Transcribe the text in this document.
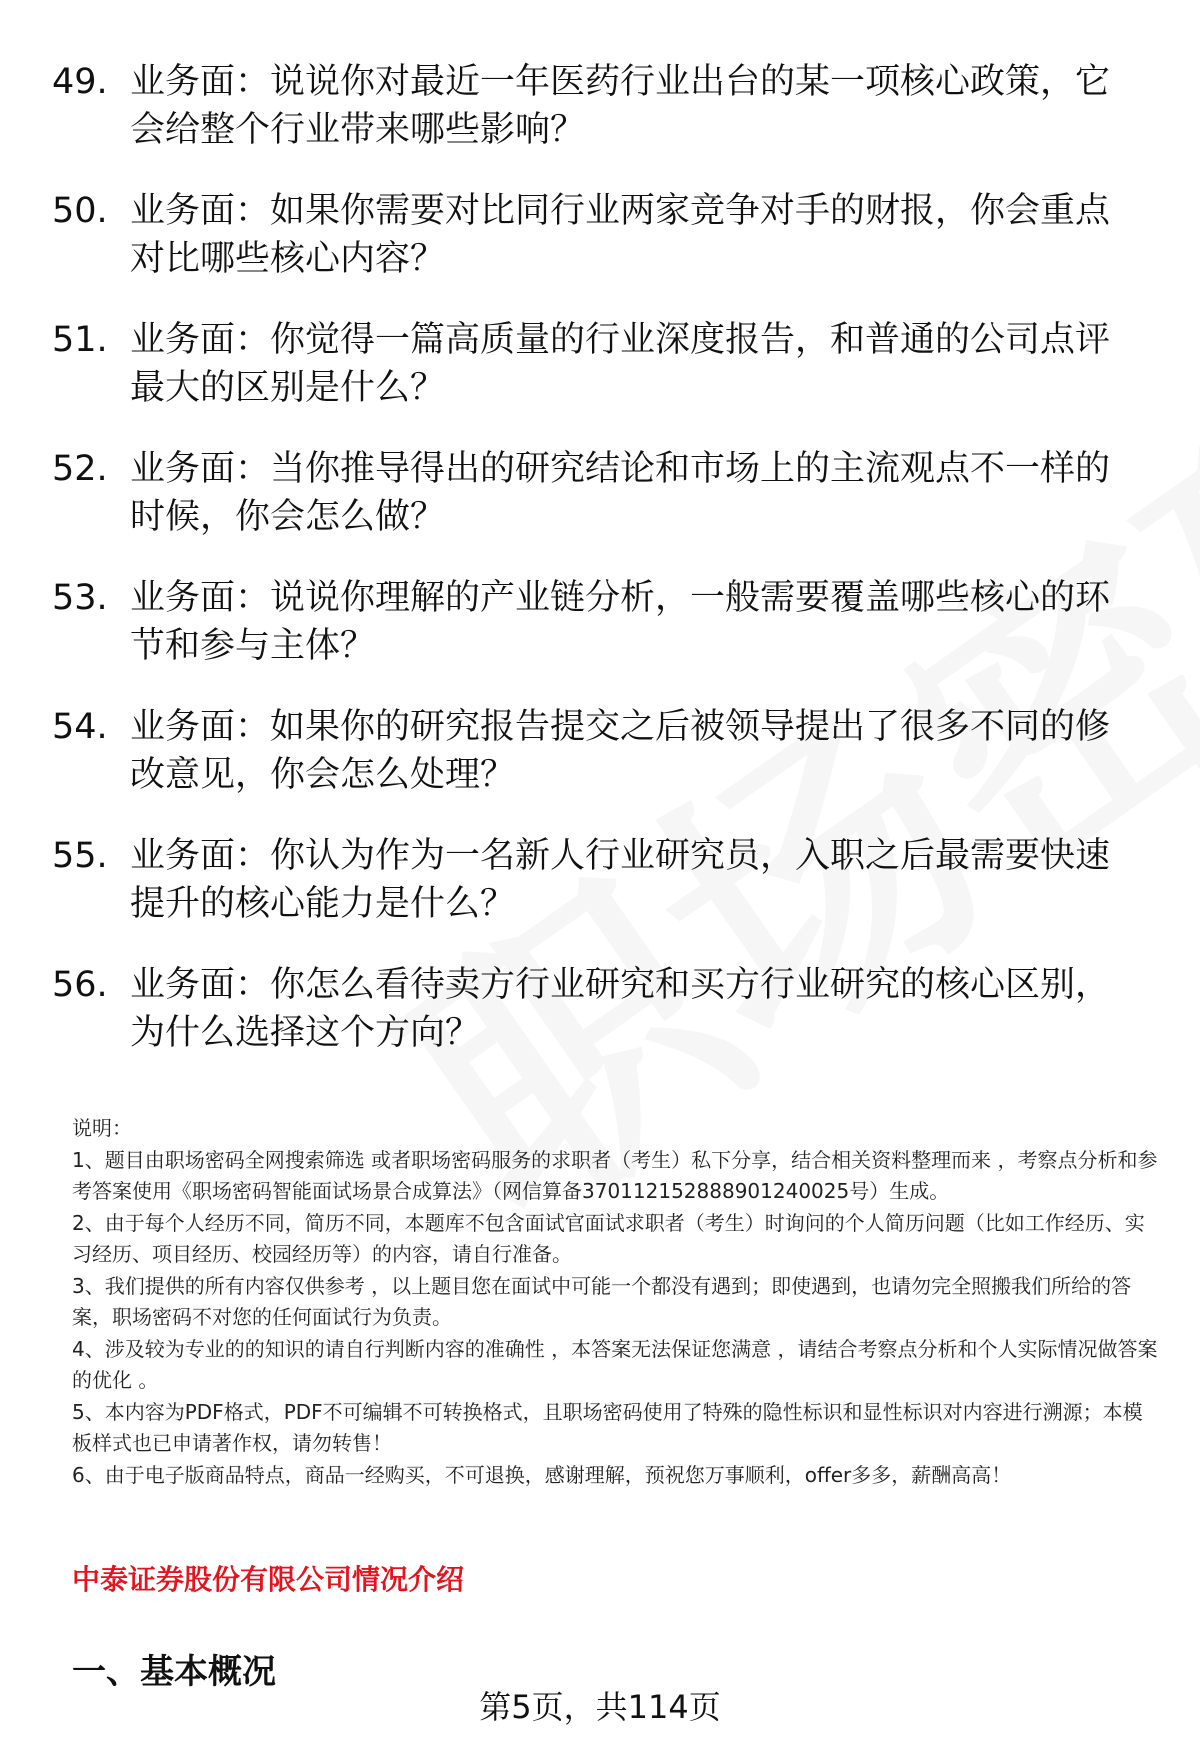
49. 业务面：说说你对最近一年医药行业出台的某一项核心政策，它会给整个行业带来哪些影响？
50. 业务面：如果你需要对比同行业两家竞争对手的财报，你会重点对比哪些核心内容？
51. 业务面：你觉得一篇高质量的行业深度报告，和普通的公司点评最大的区别是什么？
52. 业务面：当你推导得出的研究结论和市场上的主流观点不一样的时候，你会怎么做？
53. 业务面：说说你理解的产业链分析，一般需要覆盖哪些核心的环节和参与主体？
54. 业务面：如果你的研究报告提交之后被领导提出了很多不同的修改意见，你会怎么处理？
55. 业务面：你认为作为一名新人行业研究员，入职之后最需要快速提升的核心能力是什么？
56. 业务面：你怎么看待卖方行业研究和买方行业研究的核心区别，为什么选择这个方向？

说明：

1、题目由职场密码全网搜索筛选 或者职场密码服务的求职者（考生）私下分享，结合相关资料整理而来 ，考察点分析和参考答案使用《职场密码智能面试场景合成算法》（网信算备370112152888901240025号）生成。

2、由于每个人经历不同，简历不同，本题库不包含面试官面试求职者（考生）时询问的个人简历问题（比如工作经历、实习经历、项目经历、校园经历等）的内容，请自行准备。

3、我们提供的所有内容仅供参考 ，以上题目您在面试中可能一个都没有遇到；即使遇到，也请勿完全照搬我们所给的答案，职场密码不对您的任何面试行为负责。

4、涉及较为专业的的知识的请自行判断内容的准确性 ，本答案无法保证您满意 ，请结合考察点分析和个人实际情况做答案的优化 。

5、本内容为PDF格式，PDF不可编辑不可转换格式，且职场密码使用了特殊的隐性标识和显性标识对内容进行溯源；本模板样式也已申请著作权，请勿转售！

6、由于电子版商品特点，商品一经购买，不可退换，感谢理解，预祝您万事顺利，offer多多，薪酬高高！

中泰证券股份有限公司情况介绍
一、基本概况
第5页，共114页
